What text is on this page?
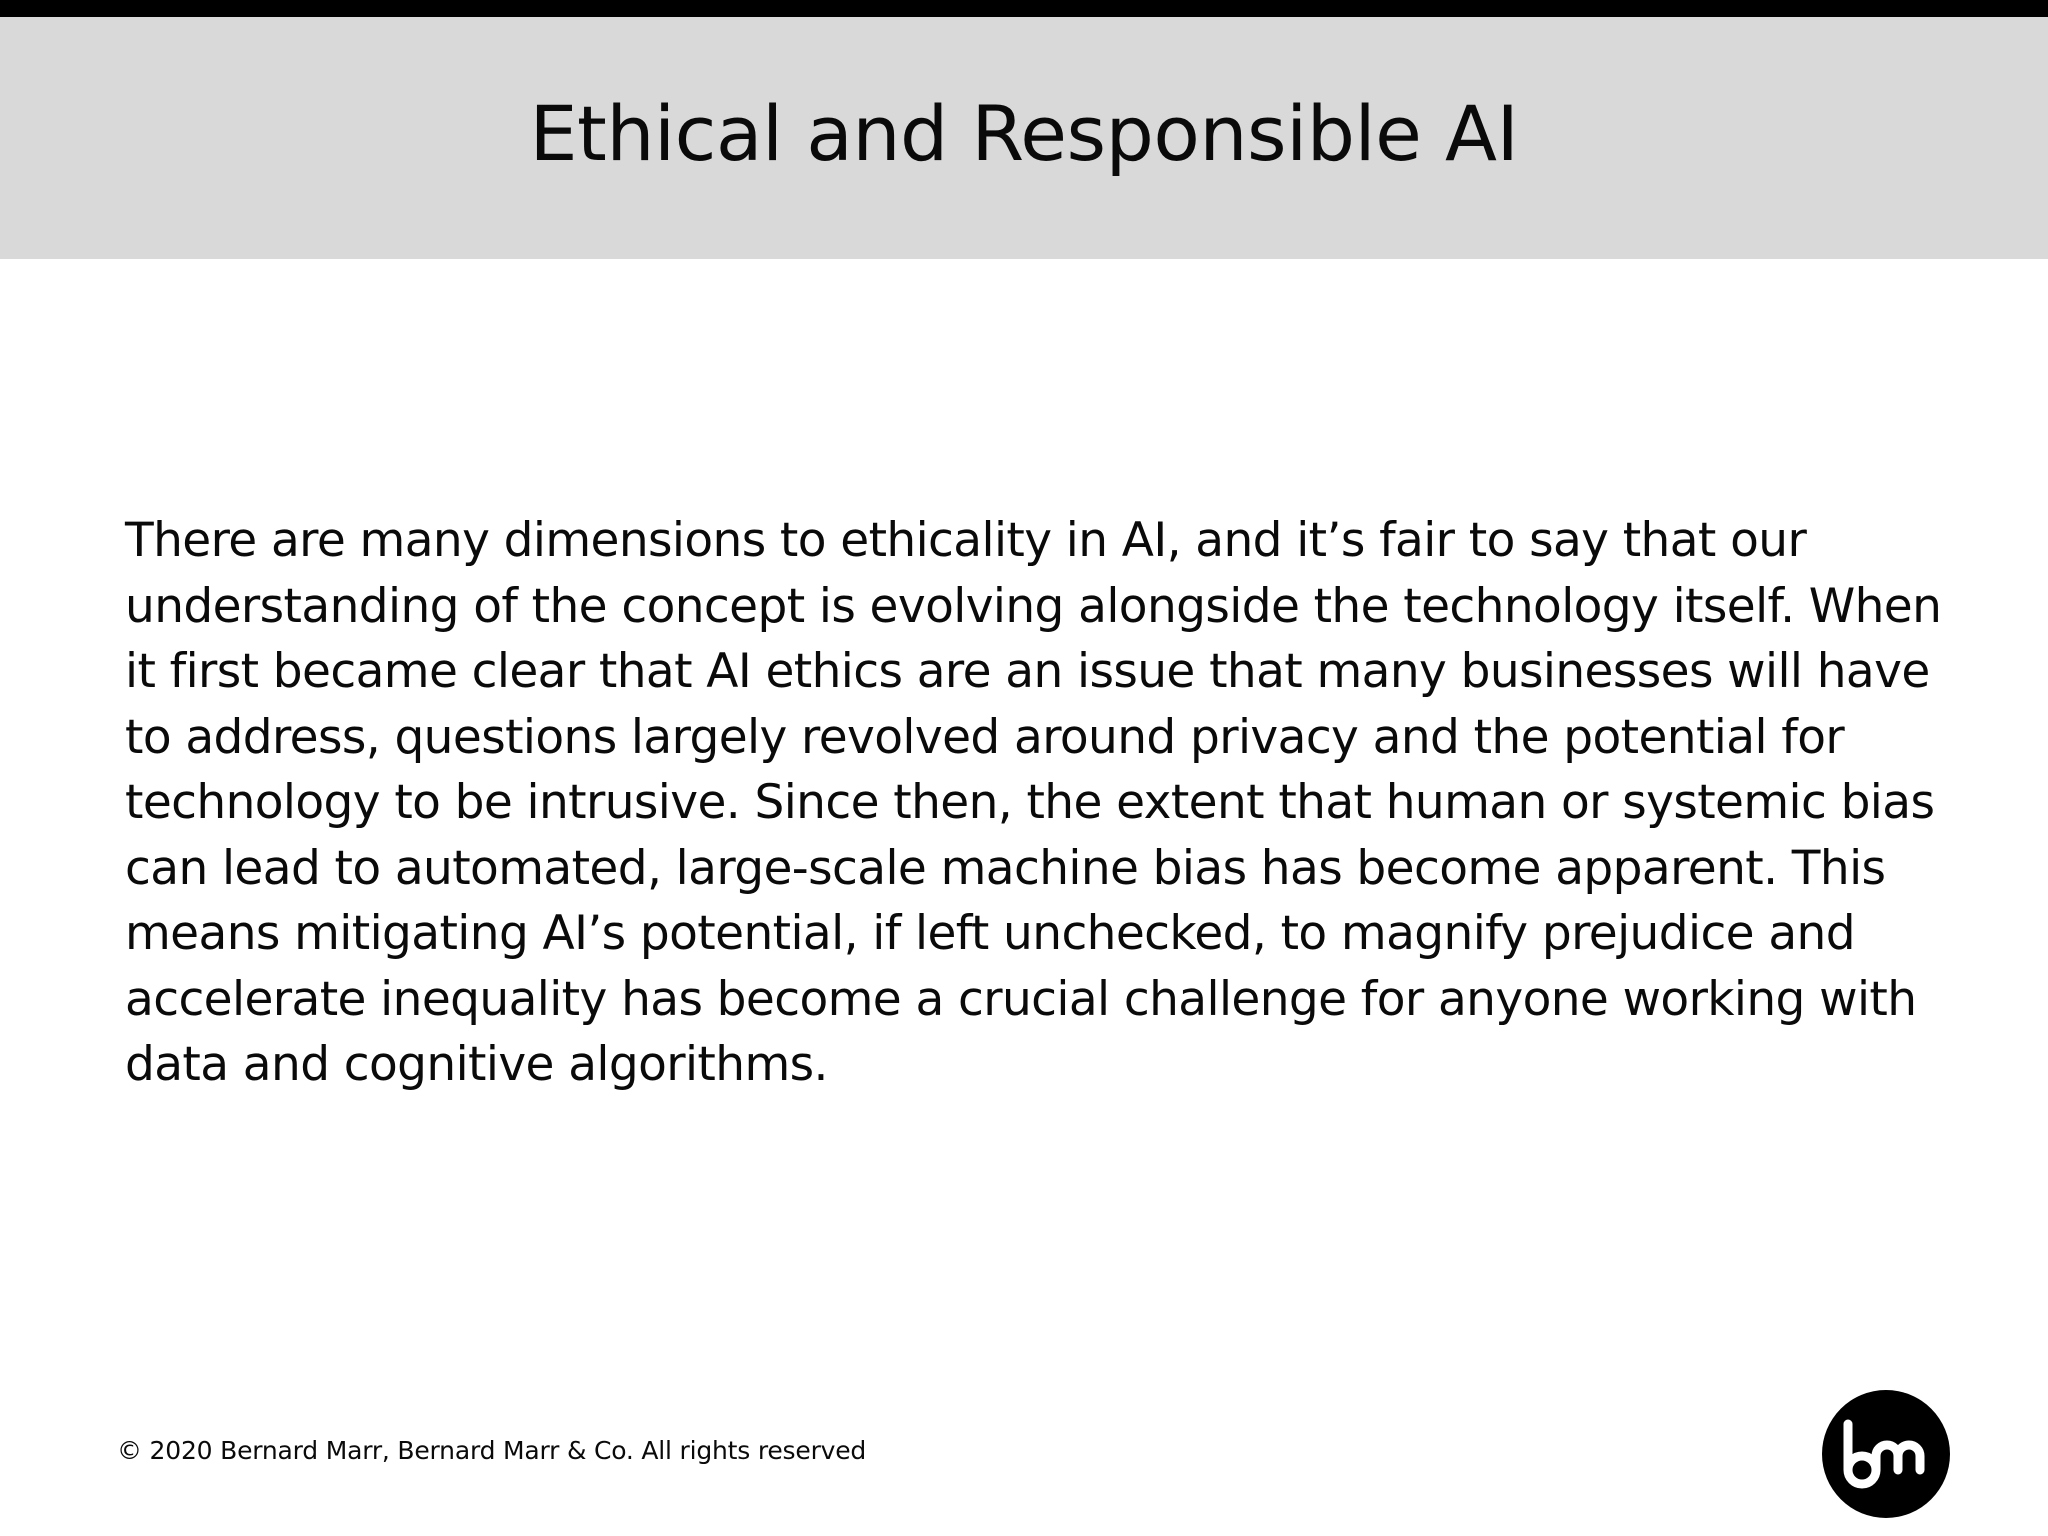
Ethical and Responsible AI

There are many dimensions to ethicality in AI, and it’s fair to say that our understanding of the concept is evolving alongside the technology itself. When it first became clear that AI ethics are an issue that many businesses will have to address, questions largely revolved around privacy and the potential for technology to be intrusive. Since then, the extent that human or systemic bias can lead to automated, large-scale machine bias has become apparent. This means mitigating AI’s potential, if left unchecked, to magnify prejudice and accelerate inequality has become a crucial challenge for anyone working with data and cognitive algorithms.

© 2020 Bernard Marr, Bernard Marr & Co. All rights reserved
